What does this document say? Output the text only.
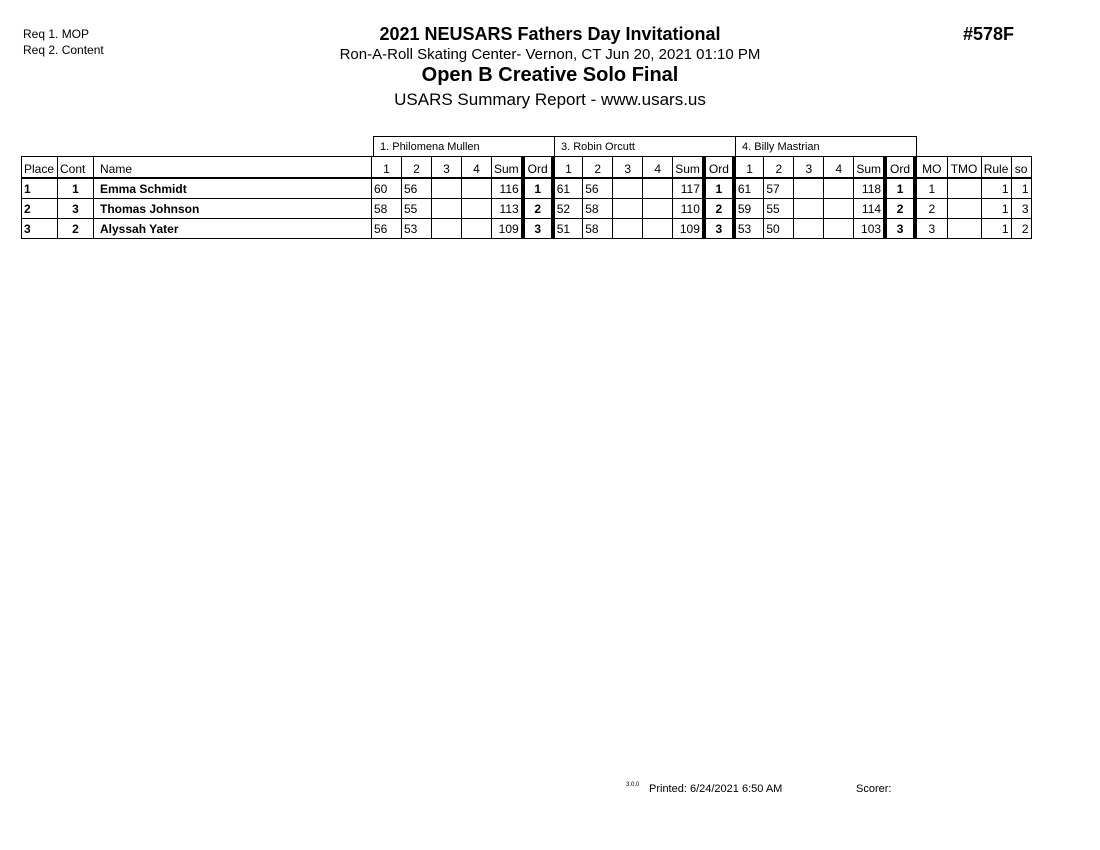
Req 1. MOP
Req 2. Content
2021 NEUSARS Fathers Day Invitational
Ron-A-Roll Skating Center- Vernon, CT Jun 20, 2021 01:10 PM
Open B Creative Solo Final
USARS Summary Report - www.usars.us
#578F
1. Philomena Mullen	3. Robin Orcutt	4. Billy Mastrian
Place	Cont	Name	1	2	3	4	Sum	Ord	1	2	3	4	Sum	Ord	1	2	3	4	Sum	Ord	MO	TMO	Rule	so
1	1	Emma Schmidt	60	56			116	1	61	56			117	1	61	57			118	1	1		1	1
2	3	Thomas Johnson	58	55			113	2	52	58			110	2	59	55			114	2	2		1	3
3	2	Alyssah Yater	56	53			109	3	51	58			109	3	53	50			103	3	3		1	2
3.0.0 Printed: 6/24/2021 6:50 AM	Scorer:
